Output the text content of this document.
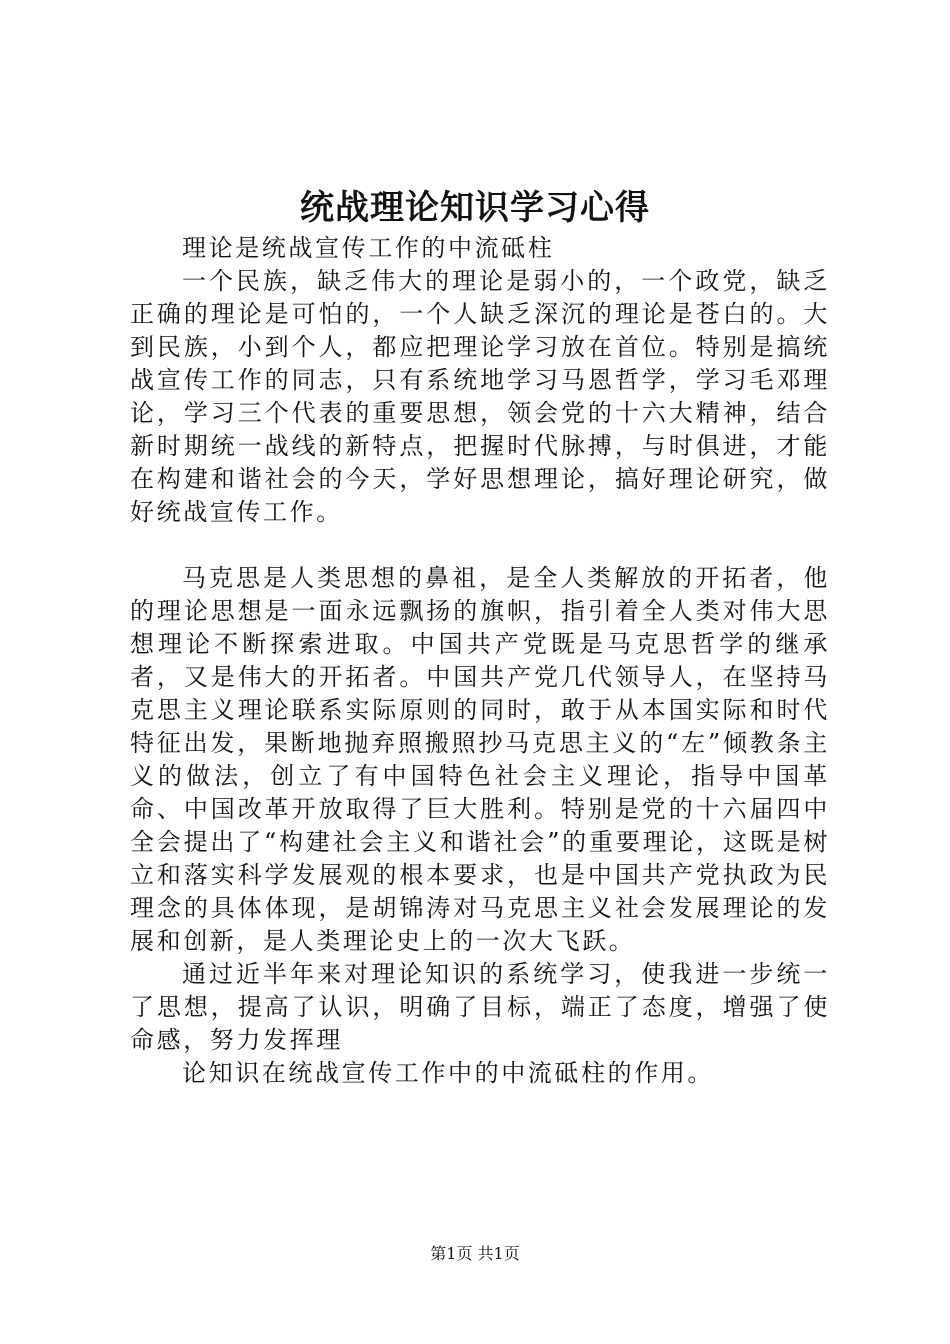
统战理论知识学习心得

理论是统战宣传工作的中流砥柱

一个民族，缺乏伟大的理论是弱小的，一个政党，缺乏正确的理论是可怕的，一个人缺乏深沉的理论是苍白的。大到民族，小到个人，都应把理论学习放在首位。特别是搞统战宣传工作的同志，只有系统地学习马恩哲学，学习毛邓理论，学习三个代表的重要思想，领会党的十六大精神，结合新时期统一战线的新特点，把握时代脉搏，与时俱进，才能在构建和谐社会的今天，学好思想理论，搞好理论研究，做好统战宣传工作。

马克思是人类思想的鼻祖，是全人类解放的开拓者，他的理论思想是一面永远飘扬的旗帜，指引着全人类对伟大思想理论不断探索进取。中国共产党既是马克思哲学的继承者，又是伟大的开拓者。中国共产党几代领导人，在坚持马克思主义理论联系实际原则的同时，敢于从本国实际和时代特征出发，果断地抛弃照搬照抄马克思主义的“左”倾教条主义的做法，创立了有中国特色社会主义理论，指导中国革命、中国改革开放取得了巨大胜利。特别是党的十六届四中全会提出了“构建社会主义和谐社会”的重要理论，这既是树立和落实科学发展观的根本要求，也是中国共产党执政为民理念的具体体现，是胡锦涛对马克思主义社会发展理论的发展和创新，是人类理论史上的一次大飞跃。

通过近半年来对理论知识的系统学习，使我进一步统一了思想，提高了认识，明确了目标，端正了态度，增强了使命感，努力发挥理

论知识在统战宣传工作中的中流砥柱的作用。

第1页 共1页
